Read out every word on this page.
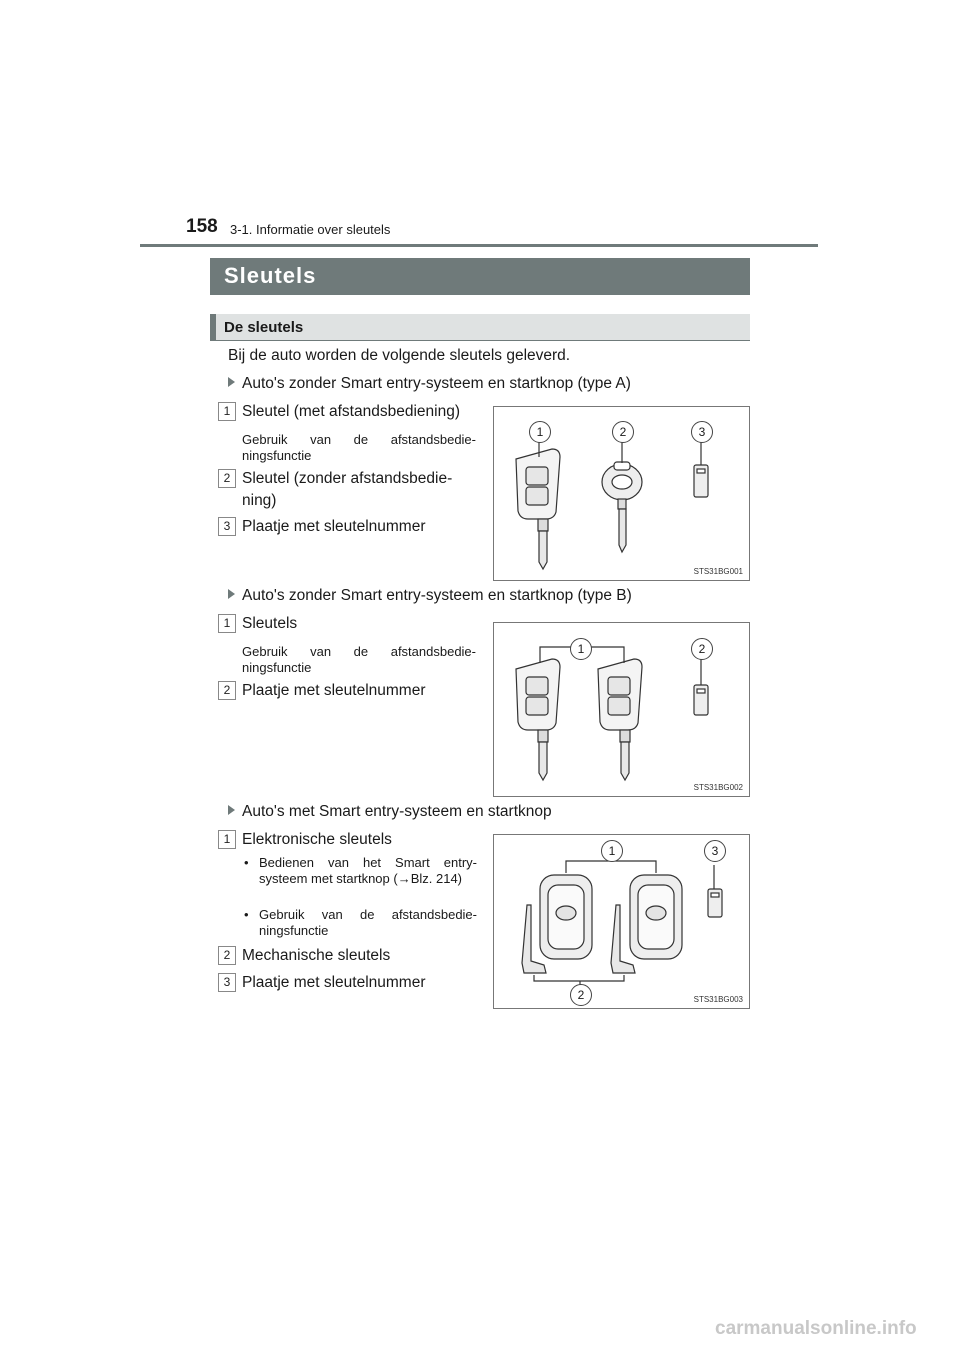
158 3-1. Informatie over sleutels
Sleutels
De sleutels
Bij de auto worden de volgende sleutels geleverd.
Auto's zonder Smart entry-systeem en startknop (type A)
1 Sleutel (met afstandsbediening)
Gebruik van de afstandsbedie-ningsfunctie
2 Sleutel (zonder afstandsbedie-
ning)
3 Plaatje met sleutelnummer
1	2	3
STS31BG001
Auto's zonder Smart entry-systeem en startknop (type B)
1 Sleutels
Gebruik van de afstandsbedie-ningsfunctie
2 Plaatje met sleutelnummer
1	2
STS31BG002
Auto's met Smart entry-systeem en startknop
1 Elektronische sleutels
• Bedienen van het Smart entry-systeem met startknop (→Blz. 214)
• Gebruik van de afstandsbedie-ningsfunctie
2 Mechanische sleutels
3 Plaatje met sleutelnummer
1	3
2	STS31BG003
carmanualsonline.info
